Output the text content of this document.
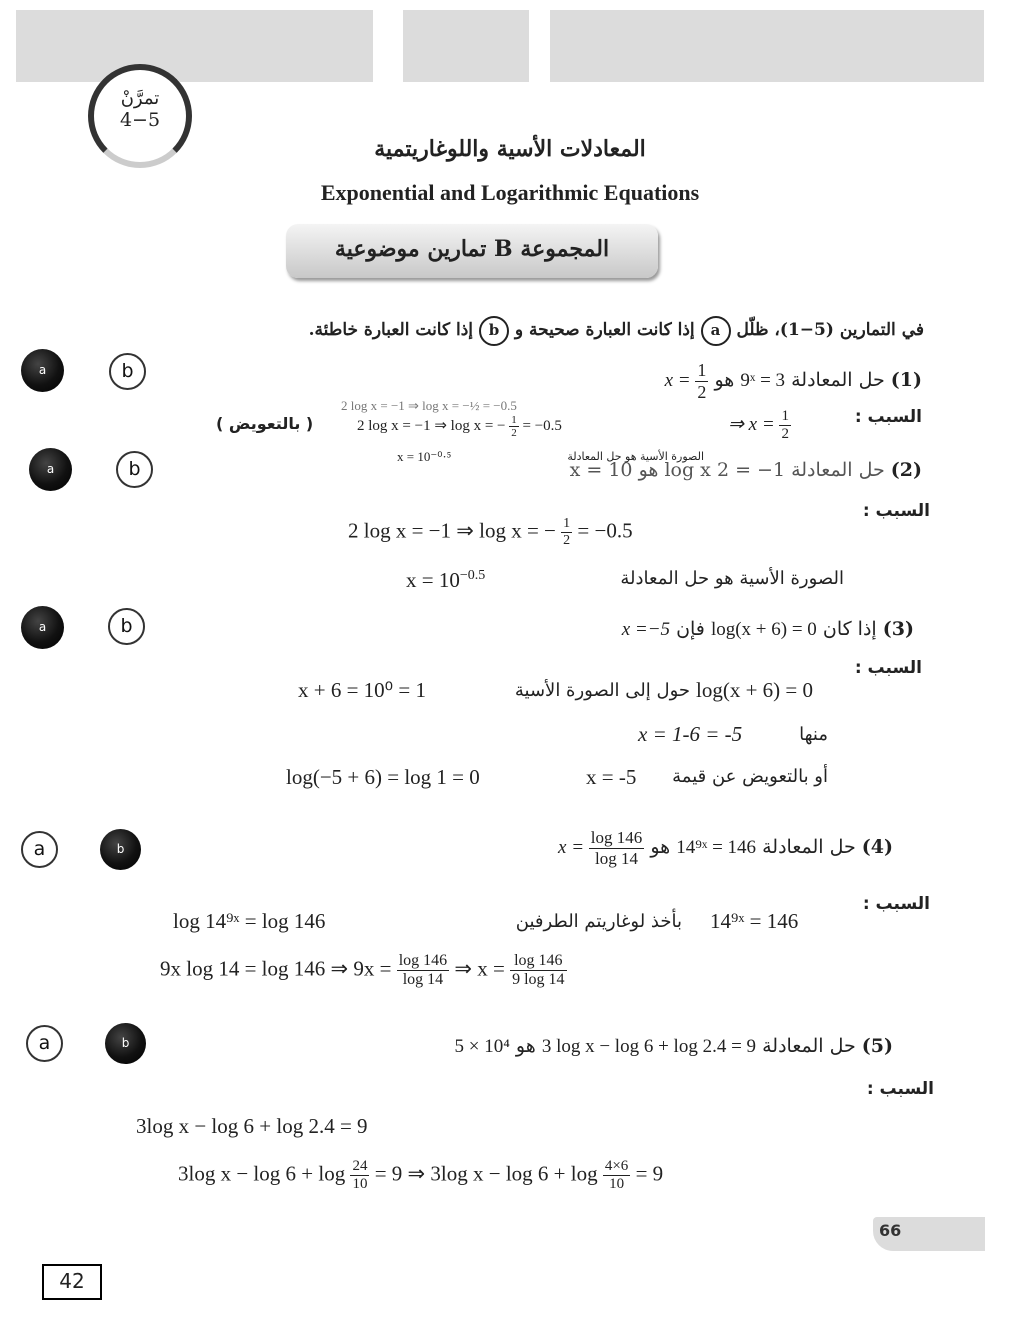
تمرَّنْ
4−5
المعادلات الأسية واللوغاريتمية
Exponential and Logarithmic Equations
المجموعة B تمارين موضوعية
في التمارين (5−1)، ظلّل a إذا كانت العبارة صحيحة و b إذا كانت العبارة خاطئة.
a	b	(1) حل المعادلة 9ˣ = 3 هو $x = \frac{1}{2}$
2 log x = −1 ⇒ log x = −½ = −0.5
2 log x = −1 ⇒ log x = − $\frac{1}{2} = -0.5$
( بالتعويض )	⇒ $x = \frac{1}{2}$	السبب :
a	b
x = 10⁻⁰·⁵	الصورة الأسية هو حل المعادلة
(2) حل المعادلة 1− = 2 log x هو x = 10
السبب :
2 log x = −1 ⇒ log x = − $\frac{1}{2} = -0.5$
$x = 10^{-0.5}$	الصورة الأسية هو حل المعادلة
a	b	(3) إذا كان log(x + 6) = 0 فإن x =−5
السبب :
x + 6 = 10⁰ = 1	حول إلى الصورة الأسية log(x + 6) = 0
x = 1-6 = -5	منها
log(−5 + 6) = log 1 = 0	x = -5 أو بالتعويض عن قيمة
a	b	(4) حل المعادلة 14⁹ˣ = 146 هو $x = \frac{\log 146}{\log 14}$
السبب :
log 14⁹ˣ = log 146	بأخذ لوغاريتم الطرفين 14⁹ˣ = 146
9x log 14 = log 146 ⇒ $9x = \frac{\log 146}{\log 14}$ ⇒ $x = \frac{\log 146}{9 \log 14}$
a	b	(5) حل المعادلة 3 log x − log 6 + log 2.4 = 9 هو 5 × 10⁴
السبب :
3log x − log 6 + log 2.4 = 9
3log $x - \log 6 + \log \frac{24}{10} = 9$ ⇒ 3log $x - \log 6 + \log \frac{4\times 6}{10} = 9$
66
42
